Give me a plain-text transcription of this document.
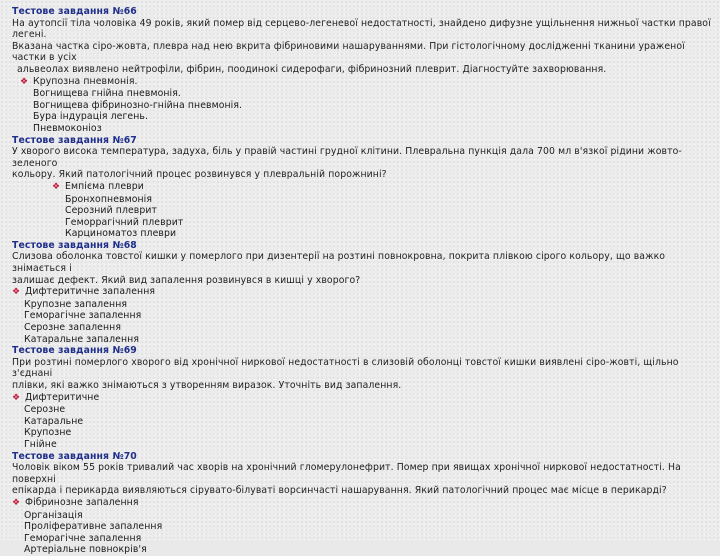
Тестове завдання №66

На аутопсії тіла чоловіка 49 років, який помер від серцево-легеневої недостатності, знайдено дифузне ущільнення нижньої частки правої легені.

Вказана частка сіро-жовта, плевра над нею вкрита фібриновими нашаруваннями. При гістологічному дослідженні тканини ураженої частки в усіх

альвеолах виявлено нейтрофіли, фібрин, поодинокі сидерофаги, фібринозний плеврит. Діагностуйте захворювання.

❖ Крупозна пневмонія.

Вогнищева гнійна пневмонія.

Вогнищева фібринозно-гнійна пневмонія.

Бура індурація легень.

Пневмоконіоз

Тестове завдання №67

У хворого висока температура, задуха, біль у правій частині грудної клітини. Плевральна пункція дала 700 мл в'язкої рідини жовто-зеленого

кольору. Який патологічний процес розвинувся у плевральній порожнині?

❖ Емпієма плеври

Бронхопневмонія

Серозний плеврит

Геморрагічний плеврит

Карциноматоз плеври

Тестове завдання №68

Слизова оболонка товстої кишки у померлого при дизентерії на розтині повнокровна, покрита плівкою сірого кольору, що важко знімається і

залишає дефект. Який вид запалення розвинувся в кишці у хворого?

❖ Дифтеритичне запалення

Крупозне запалення

Геморагічне запалення

Серозне запалення

Катаральне запалення

Тестове завдання №69

При розтині померлого хворого від хронічної ниркової недостатності в слизовій оболонці товстої кишки виявлені сіро-жовті, щільно з'єднані

плівки, які важко знімаються з утворенням виразок. Уточніть вид запалення.

❖ Дифтеритичне

Серозне

Катаральне

Крупозне

Гнійне

Тестове завдання №70

Чоловік віком 55 років тривалий час хворів на хронічний гломерулонефрит. Помер при явищах хронічної ниркової недостатності. На поверхні

епікарда і перикарда виявляються сірувато-білуваті ворсинчасті нашарування. Який патологічний процес має місце в перикарді?

❖ Фібринозне запалення

Організація

Проліферативне запалення

Геморагічне запалення

Артеріальне повнокрів'я
